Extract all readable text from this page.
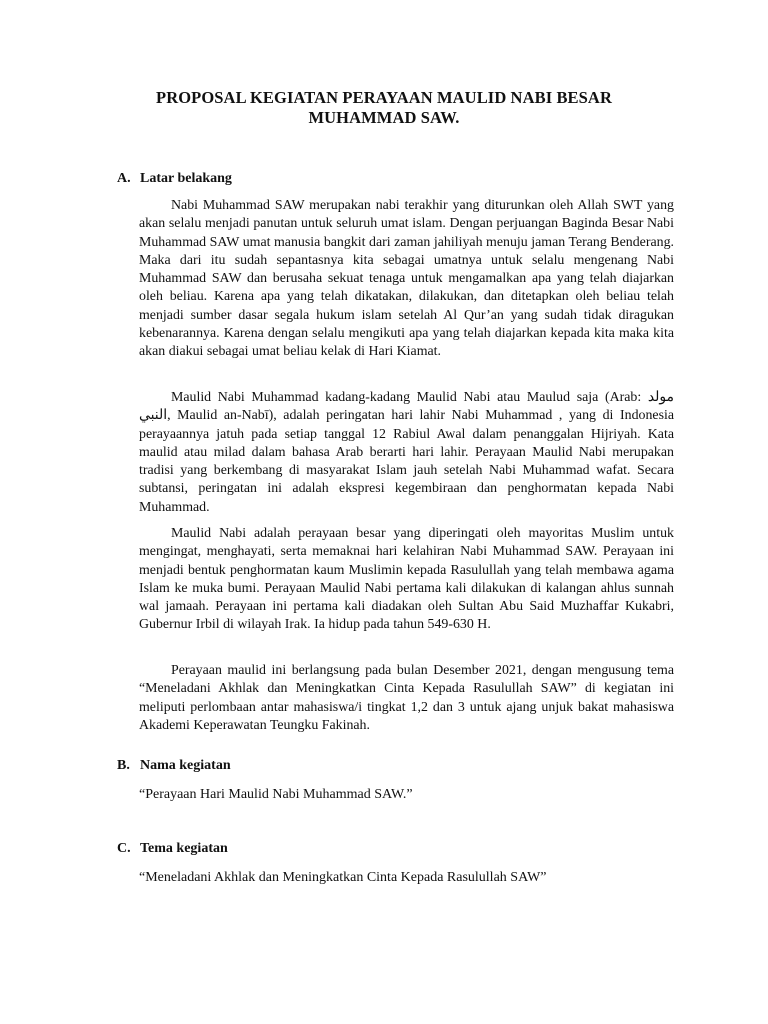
PROPOSAL KEGIATAN PERAYAAN MAULID NABI BESAR
MUHAMMAD SAW.
A. Latar belakang

Nabi Muhammad SAW merupakan nabi terakhir yang diturunkan oleh Allah SWT yang akan selalu menjadi panutan untuk seluruh umat islam. Dengan perjuangan Baginda Besar Nabi Muhammad SAW umat manusia bangkit dari zaman jahiliyah menuju jaman Terang Benderang. Maka dari itu sudah sepantasnya kita sebagai umatnya untuk selalu mengenang Nabi Muhammad SAW dan berusaha sekuat tenaga untuk mengamalkan apa yang telah diajarkan oleh beliau. Karena apa yang telah dikatakan, dilakukan, dan ditetapkan oleh beliau telah menjadi sumber dasar segala hukum islam setelah Al Qur’an yang sudah tidak diragukan kebenarannya. Karena dengan selalu mengikuti apa yang telah diajarkan kepada kita maka kita akan diakui sebagai umat beliau kelak di Hari Kiamat.

Maulid Nabi Muhammad kadang-kadang Maulid Nabi atau Maulud saja (Arab: مولد النبي, Maulid an-Nabī), adalah peringatan hari lahir Nabi Muhammad , yang di Indonesia perayaannya jatuh pada setiap tanggal 12 Rabiul Awal dalam penanggalan Hijriyah. Kata maulid atau milad dalam bahasa Arab berarti hari lahir. Perayaan Maulid Nabi merupakan tradisi yang berkembang di masyarakat Islam jauh setelah Nabi Muhammad wafat. Secara subtansi, peringatan ini adalah ekspresi kegembiraan dan penghormatan kepada Nabi Muhammad.

Maulid Nabi adalah perayaan besar yang diperingati oleh mayoritas Muslim untuk mengingat, menghayati, serta memaknai hari kelahiran Nabi Muhammad SAW. Perayaan ini menjadi bentuk penghormatan kaum Muslimin kepada Rasulullah yang telah membawa agama Islam ke muka bumi. Perayaan Maulid Nabi pertama kali dilakukan di kalangan ahlus sunnah wal jamaah. Perayaan ini pertama kali diadakan oleh Sultan Abu Said Muzhaffar Kukabri, Gubernur Irbil di wilayah Irak. Ia hidup pada tahun 549-630 H.

Perayaan maulid ini berlangsung pada bulan Desember 2021, dengan mengusung tema “Meneladani Akhlak dan Meningkatkan Cinta Kepada Rasulullah SAW” di kegiatan ini meliputi perlombaan antar mahasiswa/i tingkat 1,2 dan 3 untuk ajang unjuk bakat mahasiswa Akademi Keperawatan Teungku Fakinah.

B. Nama kegiatan
“Perayaan Hari Maulid Nabi Muhammad SAW.”
C. Tema kegiatan
“Meneladani Akhlak dan Meningkatkan Cinta Kepada Rasulullah SAW”
